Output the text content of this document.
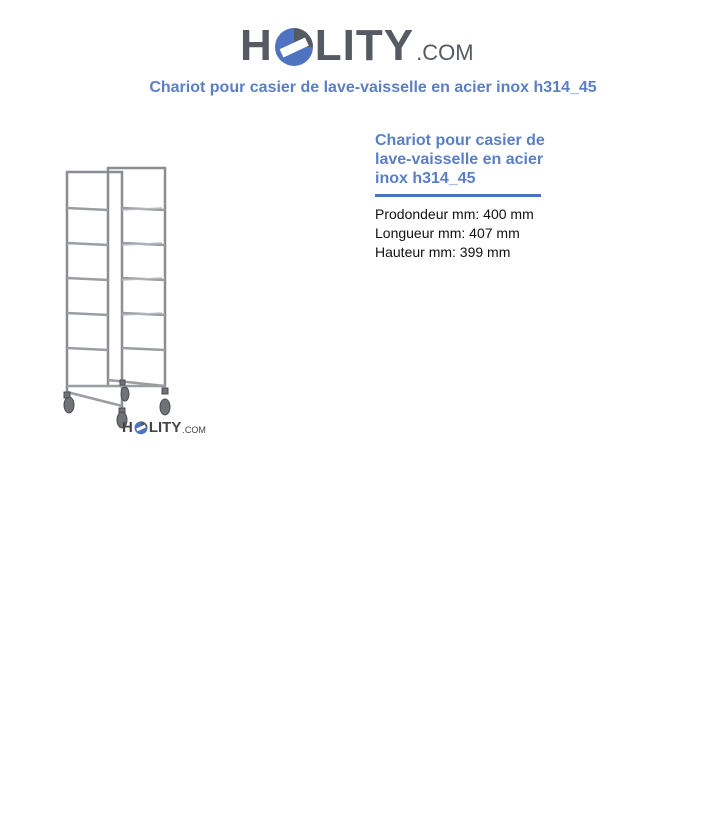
H LITY .COM
Chariot pour casier de lave-vaisselle en acier inox h314_45
H LITY .COM
Chariot pour casier de lave-vaisselle en acier inox h314_45
Prodondeur mm: 400 mm
Longueur mm: 407 mm
Hauteur mm: 399 mm
